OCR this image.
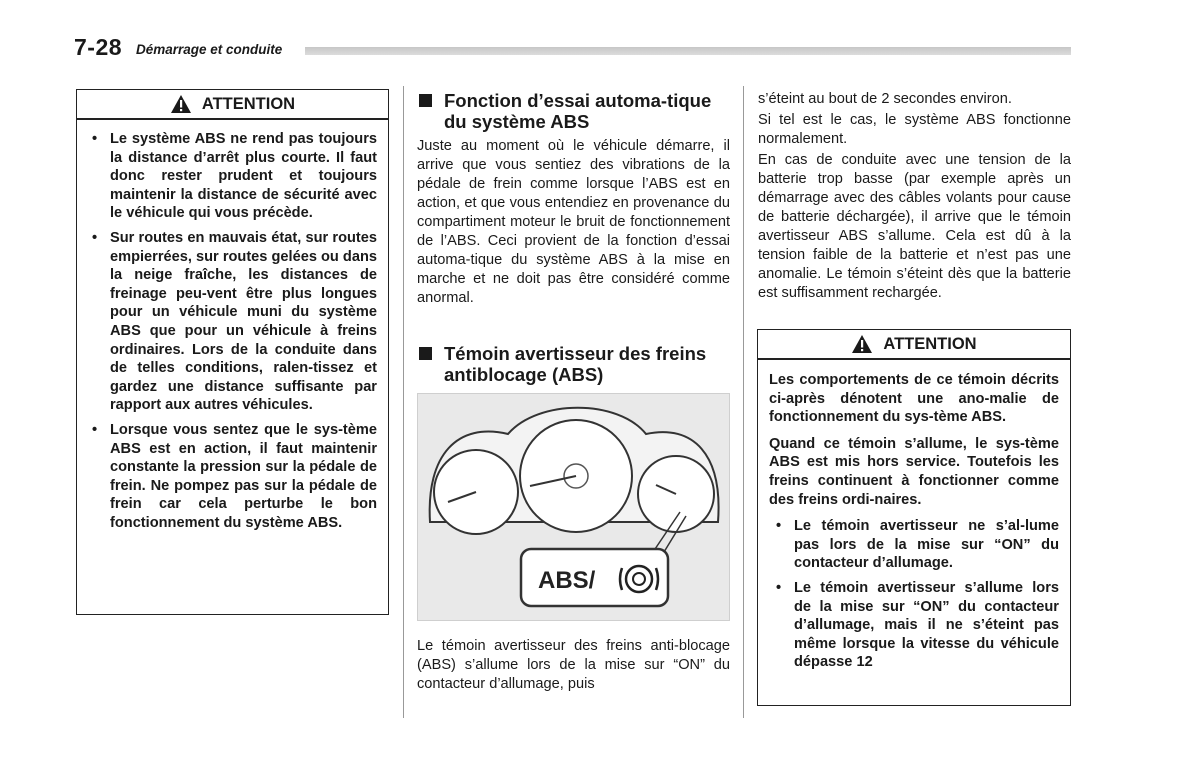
7-28 Démarrage et conduite
ATTENTION
• Le système ABS ne rend pas toujours la distance d’arrêt plus courte. Il faut donc rester prudent et toujours maintenir la distance de sécurité avec le véhicule qui vous précède.
• Sur routes en mauvais état, sur routes empierrées, sur routes gelées ou dans la neige fraîche, les distances de freinage peu-vent être plus longues pour un véhicule muni du système ABS que pour un véhicule à freins ordinaires. Lors de la conduite dans de telles conditions, ralen-tissez et gardez une distance suffisante par rapport aux autres véhicules.
• Lorsque vous sentez que le sys-tème ABS est en action, il faut maintenir constante la pression sur la pédale de frein. Ne pompez pas sur la pédale de frein car cela perturbe le bon fonctionnement du système ABS.
Fonction d’essai automa-tique du système ABS

Juste au moment où le véhicule démarre, il arrive que vous sentiez des vibrations de la pédale de frein comme lorsque l’ABS est en action, et que vous entendiez en provenance du compartiment moteur le bruit de fonctionnement de l’ABS. Ceci provient de la fonction d’essai automa-tique du système ABS à la mise en marche et ne doit pas être considéré comme anormal.

Témoin avertisseur des freins antiblocage (ABS)
ABS/

Le témoin avertisseur des freins anti-blocage (ABS) s’allume lors de la mise sur “ON” du contacteur d’allumage, puis

s’éteint au bout de 2 secondes environ.

Si tel est le cas, le système ABS fonctionne normalement.

En cas de conduite avec une tension de la batterie trop basse (par exemple après un démarrage avec des câbles volants pour cause de batterie déchargée), il arrive que le témoin avertisseur ABS s’allume. Cela est dû à la tension faible de la batterie et n’est pas une anomalie. Le témoin s’éteint dès que la batterie est suffisamment rechargée.

ATTENTION

Les comportements de ce témoin décrits ci-après dénotent une ano-malie de fonctionnement du sys-tème ABS.

Quand ce témoin s’allume, le sys-tème ABS est mis hors service. Toutefois les freins continuent à fonctionner comme des freins ordi-naires.

• Le témoin avertisseur ne s’al-lume pas lors de la mise sur “ON” du contacteur d’allumage.
• Le témoin avertisseur s’allume lors de la mise sur “ON” du contacteur d’allumage, mais il ne s’éteint pas même lorsque la vitesse du véhicule dépasse 12
